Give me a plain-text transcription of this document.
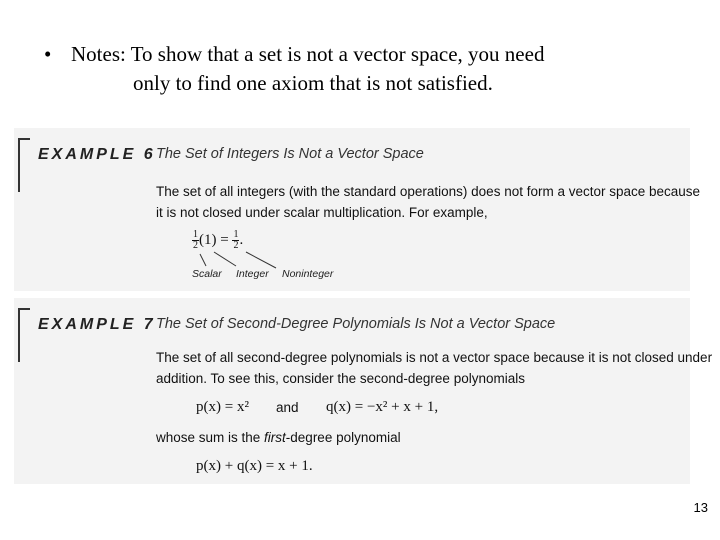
• Notes: To show that a set is not a vector space, you need
only to find one axiom that is not satisfied.
EXAMPLE 6 The Set of Integers Is Not a Vector Space
The set of all integers (with the standard operations) does not form a vector space because
it is not closed under scalar multiplication. For example,
$\frac{1}{2} (1) = \frac{1}{2}$ .
Scalar Integer Noninteger
EXAMPLE 7 The Set of Second-Degree Polynomials Is Not a Vector Space
The set of all second-degree polynomials is not a vector space because it is not closed under
addition. To see this, consider the second-degree polynomials
p(x) = x² and q(x) = −x² + x + 1,
whose sum is the first-degree polynomial
p(x) + q(x) = x + 1.
13
